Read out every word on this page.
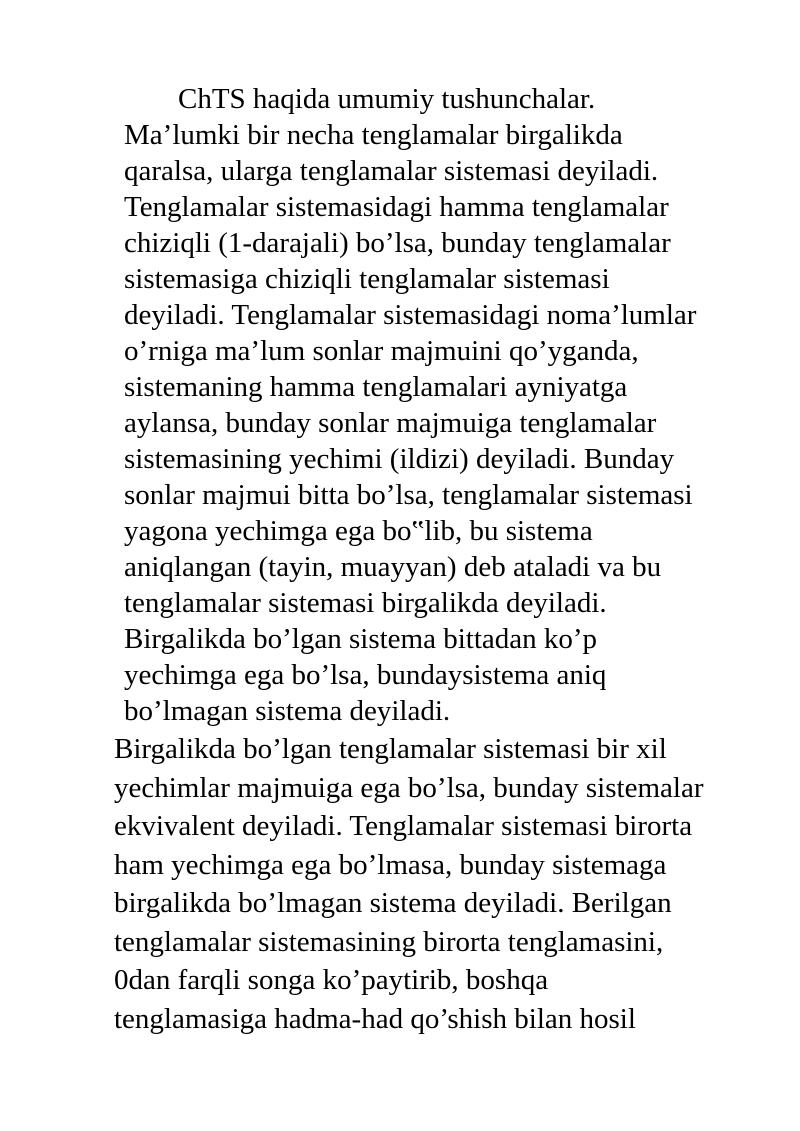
ChTS haqida umumiy tushunchalar.
Ma’lumki bir necha tenglamalar birgalikda
qaralsa, ularga tenglamalar sistemasi deyiladi.
Tenglamalar sistemasidagi hamma tenglamalar
chiziqli (1-darajali) bo’lsa, bunday tenglamalar
sistemasiga chiziqli tenglamalar sistemasi
deyiladi. Tenglamalar sistemasidagi noma’lumlar
o’rniga ma’lum sonlar majmuini qo’yganda,
sistemaning hamma tenglamalari ayniyatga
aylansa, bunday sonlar majmuiga tenglamalar
sistemasining yechimi (ildizi) deyiladi. Bunday
sonlar majmui bitta bo’lsa, tenglamalar sistemasi
yagona yechimga ega bo‟lib, bu sistema
aniqlangan (tayin, muayyan) deb ataladi va bu
tenglamalar sistemasi birgalikda deyiladi.
Birgalikda bo’lgan sistema bittadan ko’p
yechimga ega bo’lsa, bundaysistema aniq
bo’lmagan sistema deyiladi.

Birgalikda bo’lgan tenglamalar sistemasi bir xil
yechimlar majmuiga ega bo’lsa, bunday sistemalar
ekvivalent deyiladi. Tenglamalar sistemasi birorta
ham yechimga ega bo’lmasa, bunday sistemaga
birgalikda bo’lmagan sistema deyiladi. Berilgan
tenglamalar sistemasining birorta tenglamasini,
0dan farqli songa ko’paytirib, boshqa
tenglamasiga hadma-had qo’shish bilan hosil
